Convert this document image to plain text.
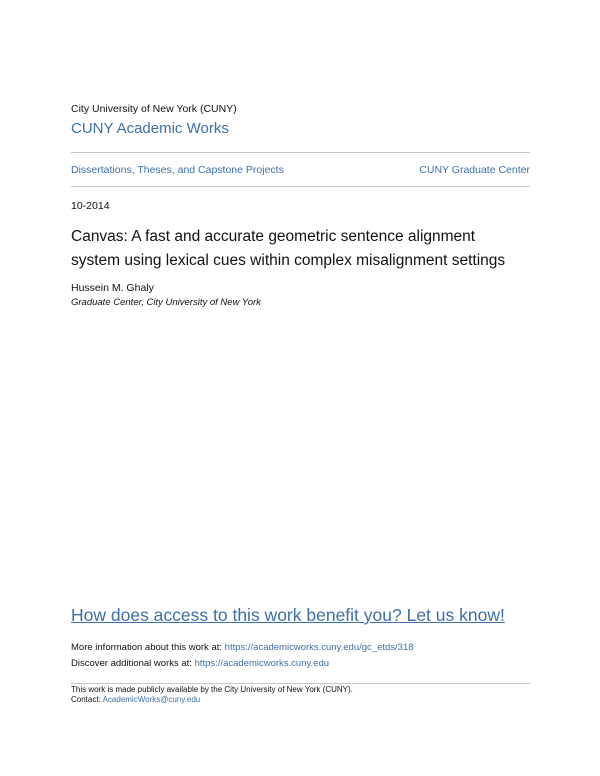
City University of New York (CUNY)
CUNY Academic Works
Dissertations, Theses, and Capstone Projects	CUNY Graduate Center
10-2014
Canvas: A fast and accurate geometric sentence alignment
system using lexical cues within complex misalignment settings
Hussein M. Ghaly
Graduate Center, City University of New York
How does access to this work benefit you? Let us know!
More information about this work at: https://academicworks.cuny.edu/gc_etds/318
Discover additional works at: https://academicworks.cuny.edu
This work is made publicly available by the City University of New York (CUNY).
Contact: AcademicWorks@cuny.edu
